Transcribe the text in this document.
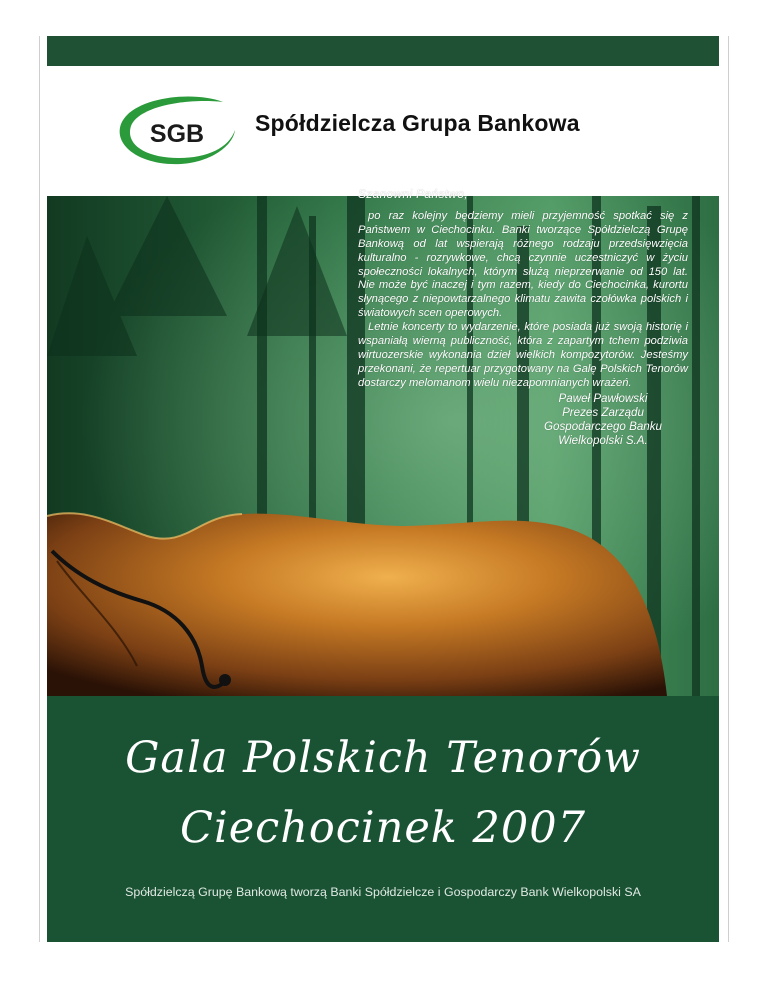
SGB Spółdzielcza Grupa Bankowa
Gala Polskich Tenorów
Ciechocinek 2007
Spółdzielczą Grupę Bankową tworzą Banki Spółdzielcze i Gospodarczy Bank Wielkopolski SA

Szanowni Państwo,

po raz kolejny będziemy mieli przyjemność spotkać się z Państwem w Ciechocinku. Banki tworzące Spółdzielczą Grupę Bankową od lat wspierają różnego rodzaju przedsięwzięcia kulturalno - rozrywkowe, chcą czynnie uczestniczyć w życiu społeczności lokalnych, którym służą nieprzerwanie od 150 lat. Nie może być inaczej i tym razem, kiedy do Ciechocinka, kurortu słynącego z niepowtarzalnego klimatu zawita czołówka polskich i światowych scen operowych.

Letnie koncerty to wydarzenie, które posiada już swoją historię i wspaniałą wierną publiczność, która z zapartym tchem podziwia wirtuozerskie wykonania dzieł wielkich kompozytorów. Jesteśmy przekonani, że repertuar przygotowany na Galę Polskich Tenorów dostarczy melomanom wielu niezapomnianych wrażeń.

Paweł Pawłowski
Prezes Zarządu
Gospodarczego Banku
Wielkopolski S.A.
